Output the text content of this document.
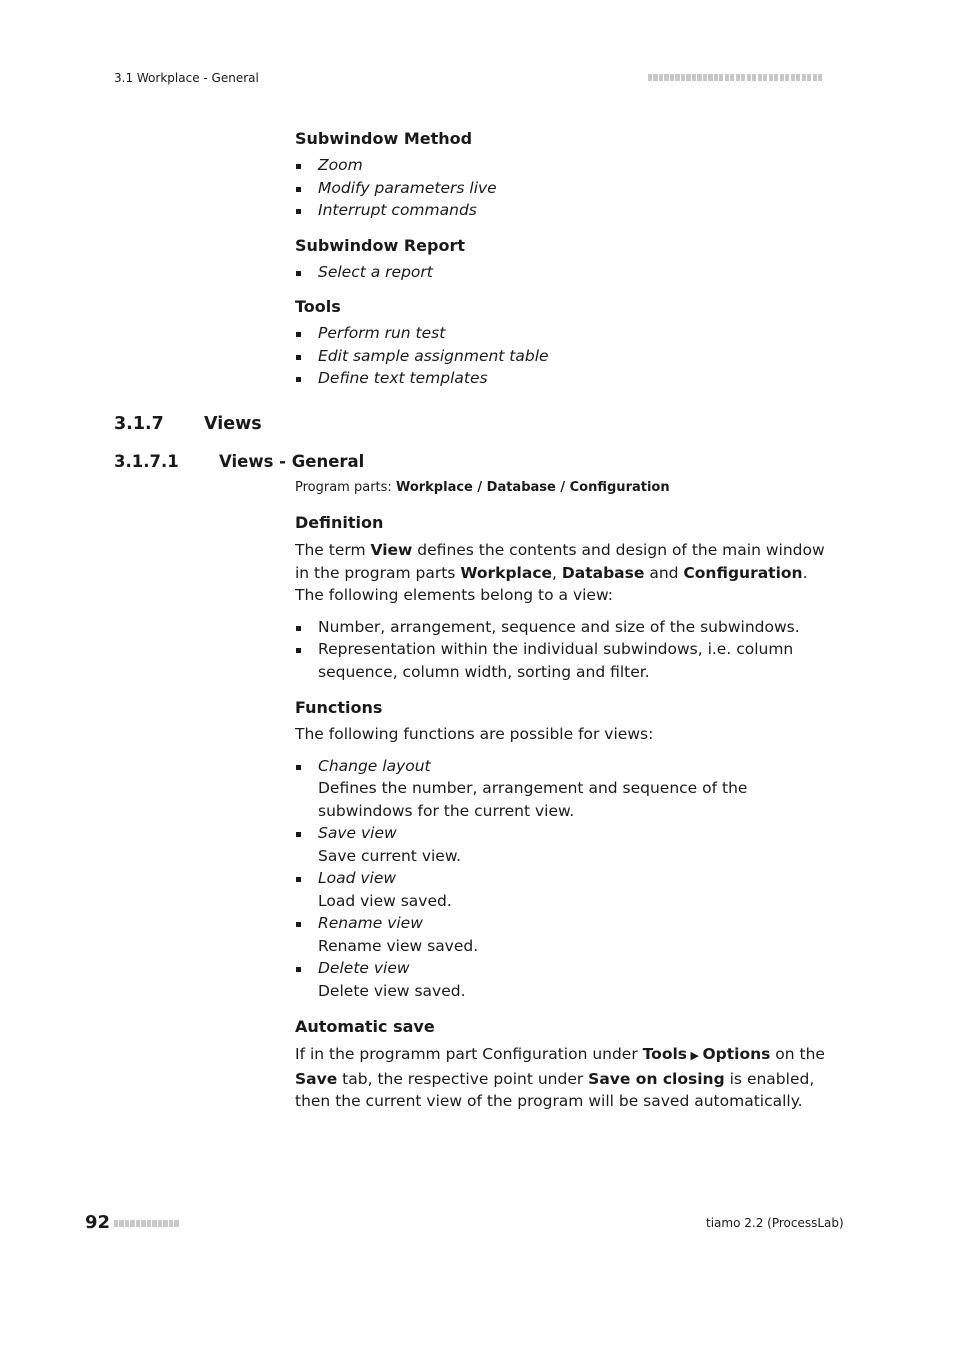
3.1 Workplace - General
Subwindow Method
Zoom
Modify parameters live
Interrupt commands
Subwindow Report
Select a report
Tools
Perform run test
Edit sample assignment table
Define text templates
3.1.7 Views
3.1.7.1 Views - General
Program parts: Workplace / Database / Configuration
Definition

The term View defines the contents and design of the main window in the program parts Workplace, Database and Configuration. The following elements belong to a view:

Number, arrangement, sequence and size of the subwindows.
Representation within the individual subwindows, i.e. column sequence, column width, sorting and filter.
Functions

The following functions are possible for views:

Change layout
Defines the number, arrangement and sequence of the subwindows for the current view.
Save view
Save current view.
Load view
Load view saved.
Rename view
Rename view saved.
Delete view
Delete view saved.
Automatic save

If in the programm part Configuration under Tools ▶ Options on the Save tab, the respective point under Save on closing is enabled, then the current view of the program will be saved automatically.

92	tiamo 2.2 (ProcessLab)
